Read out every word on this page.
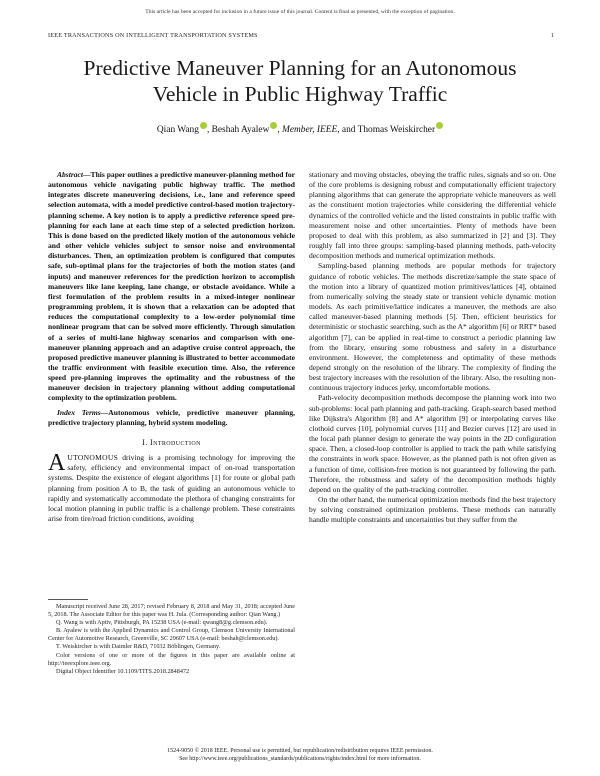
This article has been accepted for inclusion in a future issue of this journal. Content is final as presented, with the exception of pagination.
IEEE TRANSACTIONS ON INTELLIGENT TRANSPORTATION SYSTEMS	1
Predictive Maneuver Planning for an Autonomous
Vehicle in Public Highway Traffic
Qian Wang , Beshah Ayalew , Member, IEEE, and Thomas Weiskircher

Abstract—This paper outlines a predictive maneuver-planning method for autonomous vehicle navigating public highway traffic. The method integrates discrete maneuvering decisions, i.e., lane and reference speed selection automata, with a model predictive control-based motion trajectory-planning scheme. A key notion is to apply a predictive reference speed pre-planning for each lane at each time step of a selected prediction horizon. This is done based on the predicted likely motion of the autonomous vehicle and other vehicle vehicles subject to sensor noise and environmental disturbances. Then, an optimization problem is configured that computes safe, sub-optimal plans for the trajectories of both the motion states (and inputs) and maneuver references for the prediction horizon to accomplish maneuvers like lane keeping, lane change, or obstacle avoidance. While a first formulation of the problem results in a mixed-integer nonlinear programming problem, it is shown that a relaxation can be adopted that reduces the computational complexity to a low-order polynomial time nonlinear program that can be solved more efficiently. Through simulation of a series of multi-lane highway scenarios and comparison with one-maneuver planning approach and an adaptive cruise control approach, the proposed predictive maneuver planning is illustrated to better accommodate the traffic environment with feasible execution time. Also, the reference speed pre-planning improves the optimality and the robustness of the maneuver decision in trajectory planning without adding computational complexity to the optimization problem.

Index Terms—Autonomous vehicle, predictive maneuver planning, predictive trajectory planning, hybrid system modeling.

I. Introduction

AUTONOMOUS driving is a promising technology for improving the safety, efficiency and environmental impact of on-road transportation systems. Despite the existence of elegant algorithms [1] for route or global path planning from position A to B, the task of guiding an autonomous vehicle to rapidly and systematically accommodate the plethora of changing constraints for local motion planning in public traffic is a challenge problem. These constraints arise from tire/road friction conditions, avoiding

Manuscript received June 28, 2017; revised February 8, 2018 and May 31, 2018; accepted June 5, 2018. The Associate Editor for this paper was H. Jula. (Corresponding author: Qian Wang.)

Q. Wang is with Aptiv, Pittsburgh, PA 15238 USA (e-mail: qwang8@g.clemson.edu).

B. Ayalew is with the Applied Dynamics and Control Group, Clemson University International Center for Automotive Research, Greenville, SC 29607 USA (e-mail: beshah@clemson.edu).

T. Weiskircher is with Daimler R&D, 71032 Böblingen, Germany.

Color versions of one or more of the figures in this paper are available online at http://ieeexplore.ieee.org.

Digital Object Identifier 10.1109/TITS.2018.2848472

stationary and moving obstacles, obeying the traffic rules, signals and so on. One of the core problems is designing robust and computationally efficient trajectory planning algorithms that can generate the appropriate vehicle maneuvers as well as the constituent motion trajectories while considering the differential vehicle dynamics of the controlled vehicle and the listed constraints in public traffic with measurement noise and other uncertainties. Plenty of methods have been proposed to deal with this problem, as also summarized in [2] and [3]. They roughly fall into three groups: sampling-based planning methods, path-velocity decomposition methods and numerical optimization methods.

Sampling-based planning methods are popular methods for trajectory guidance of robotic vehicles. The methods discretize/sample the state space of the motion into a library of quantized motion primitives/lattices [4], obtained from numerically solving the steady state or transient vehicle dynamic motion models. As each primitive/lattice indicates a maneuver, the methods are also called maneuver-based planning methods [5]. Then, efficient heuristics for deterministic or stochastic searching, such as the A* algorithm [6] or RRT* based algorithm [7], can be applied in real-time to construct a periodic planning law from the library, ensuring some robustness and safety in a disturbance environment. However, the completeness and optimality of these methods depend strongly on the resolution of the library. The complexity of finding the best trajectory increases with the resolution of the library. Also, the resulting non-continuous trajectory induces jerky, uncomfortable motions.

Path-velocity decomposition methods decompose the planning work into two sub-problems: local path planning and path-tracking. Graph-search based method like Dijkstra's Algorithm [8] and A* algorithm [9] or interpolating curves like clothoid curves [10], polynomial curves [11] and Bezier curves [12] are used in the local path planner design to generate the way points in the 2D configuration space. Then, a closed-loop controller is applied to track the path while satisfying the constraints in work space. However, as the planned path is not often given as a function of time, collision-free motion is not guaranteed by following the path. Therefore, the robustness and safety of the decomposition methods highly depend on the quality of the path-tracking controller.

On the other hand, the numerical optimization methods find the best trajectory by solving constrained optimization problems. These methods can naturally handle multiple constraints and uncertainties but they suffer from the

1524-9050 © 2018 IEEE. Personal use is permitted, but republication/redistribution requires IEEE permission.
See http://www.ieee.org/publications_standards/publications/rights/index.html for more information.
